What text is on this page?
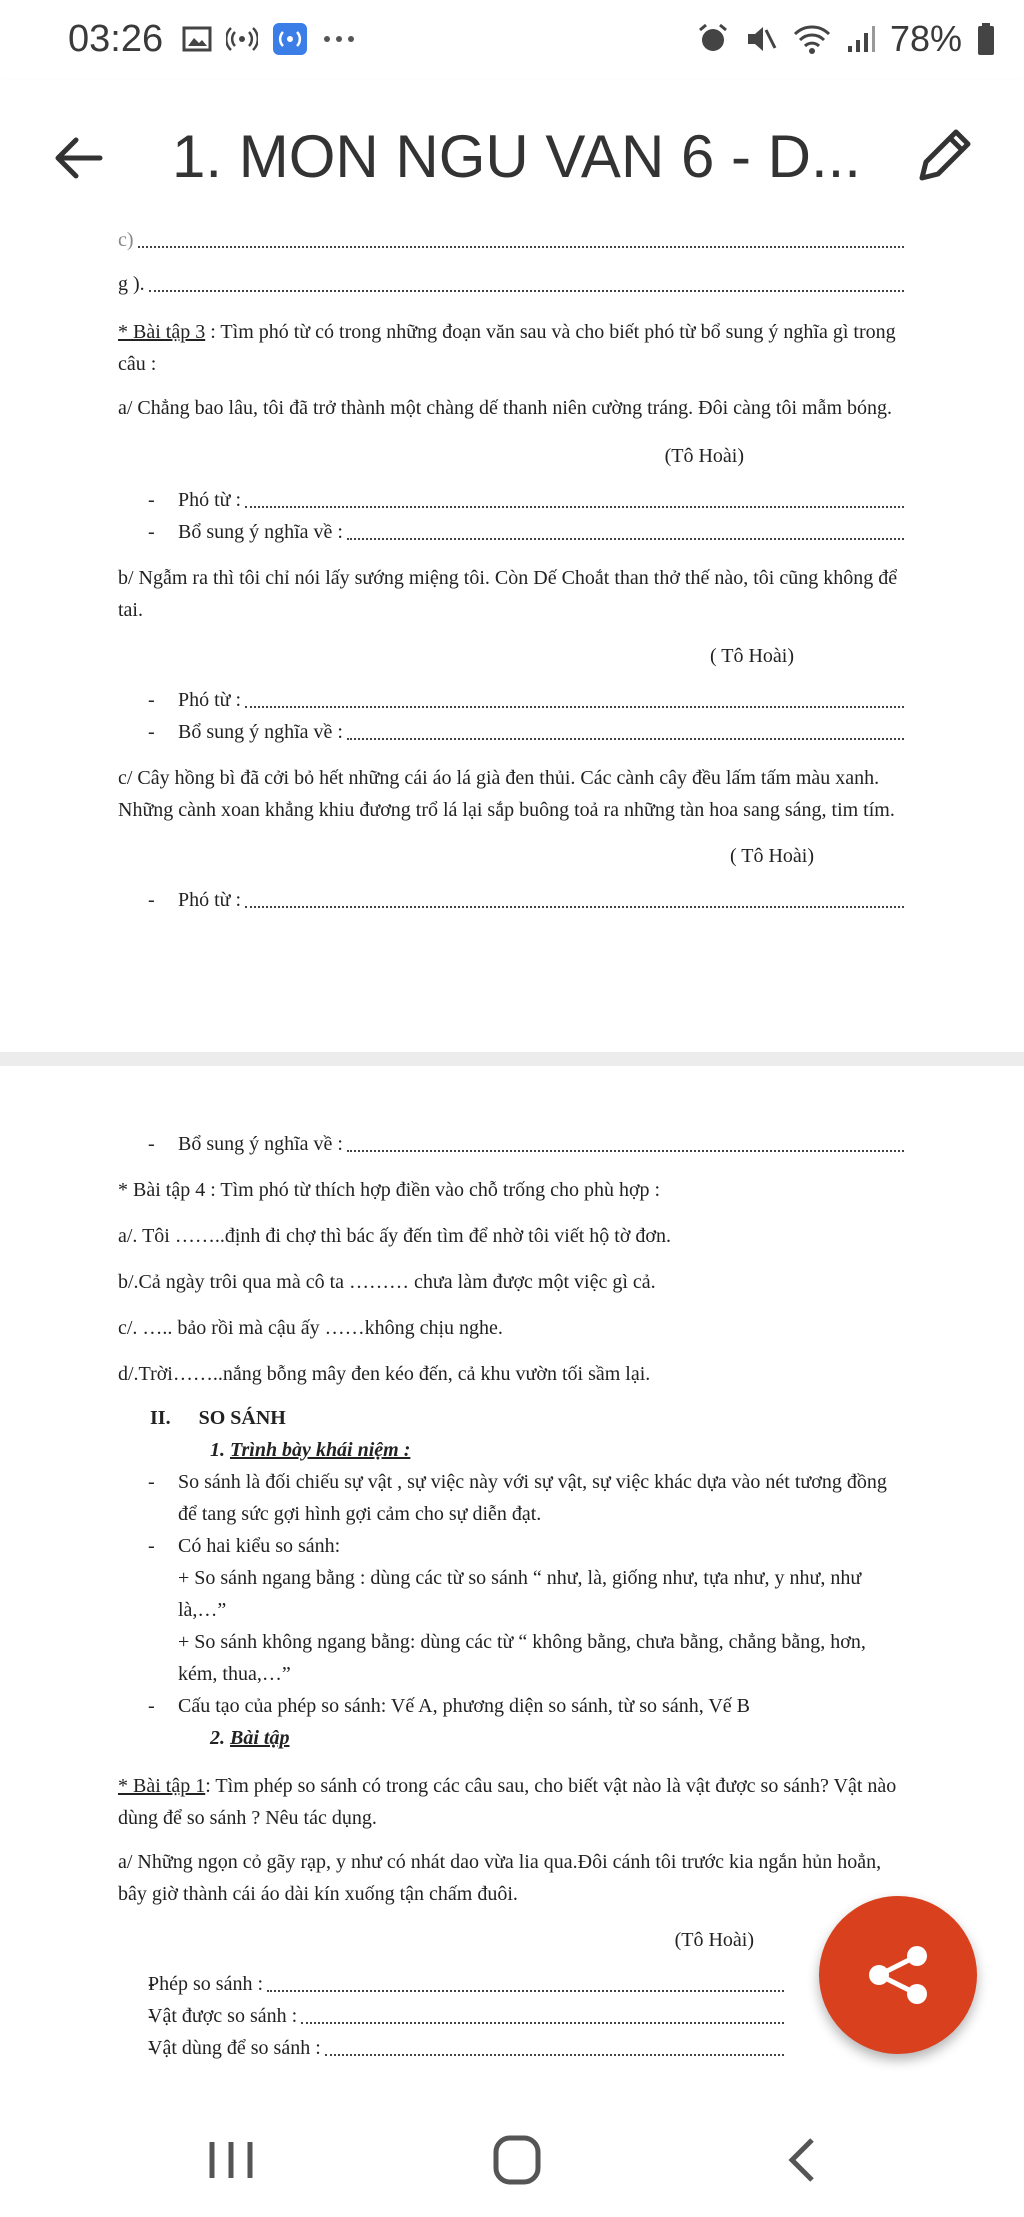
03:26	78%
1. MON NGU VAN 6 - D...
c)
g ).
* Bài tập 3 : Tìm phó từ có trong những đoạn văn sau và cho biết phó từ bổ sung ý nghĩa gì trong câu :
a/ Chẳng bao lâu, tôi đã trở thành một chàng dế thanh niên cường tráng. Đôi càng tôi mẫm bóng.
(Tô Hoài)
- Phó từ :
- Bổ sung ý nghĩa về :
b/ Ngẫm ra thì tôi chỉ nói lấy sướng miệng tôi. Còn Dế Choắt than thở thế nào, tôi cũng không để tai.
( Tô Hoài)
- Phó từ :
- Bổ sung ý nghĩa về :
c/ Cây hồng bì đã cởi bỏ hết những cái áo lá già đen thủi. Các cành cây đều lấm tấm màu xanh. Những cành xoan khẳng khiu đương trổ lá lại sắp buông toả ra những tàn hoa sang sáng, tim tím.
( Tô Hoài)
- Phó từ :
- Bổ sung ý nghĩa về :
* Bài tập 4 : Tìm phó từ thích hợp điền vào chỗ trống cho phù hợp :
a/. Tôi ……..định đi chợ thì bác ấy đến tìm để nhờ tôi viết hộ tờ đơn.
b/.Cả ngày trôi qua mà cô ta ……… chưa làm được một việc gì cả.
c/. ….. bảo rồi mà cậu ấy ……không chịu nghe.
d/.Trời……..nắng bỗng mây đen kéo đến, cả khu vườn tối sầm lại.
II. SO SÁNH
1. Trình bày khái niệm :
- So sánh là đối chiếu sự vật , sự việc này với sự vật, sự việc khác dựa vào nét tương đồng để tang sức gợi hình gợi cảm cho sự diễn đạt.
- Có hai kiểu so sánh:
+ So sánh ngang bằng : dùng các từ so sánh “ như, là, giống như, tựa như, y như, như là,…”
+ So sánh không ngang bằng: dùng các từ “ không bằng, chưa bằng, chẳng bằng, hơn, kém, thua,…”
- Cấu tạo của phép so sánh: Vế A, phương diện so sánh, từ so sánh, Vế B
2. Bài tập
* Bài tập 1: Tìm phép so sánh có trong các câu sau, cho biết vật nào là vật được so sánh? Vật nào dùng để so sánh ? Nêu tác dụng.
a/ Những ngọn cỏ gãy rạp, y như có nhát dao vừa lia qua.Đôi cánh tôi trước kia ngắn hủn hoẳn, bây giờ thành cái áo dài kín xuống tận chấm đuôi.
(Tô Hoài)
- Phép so sánh :
- Vật được so sánh :
- Vật dùng để so sánh :
